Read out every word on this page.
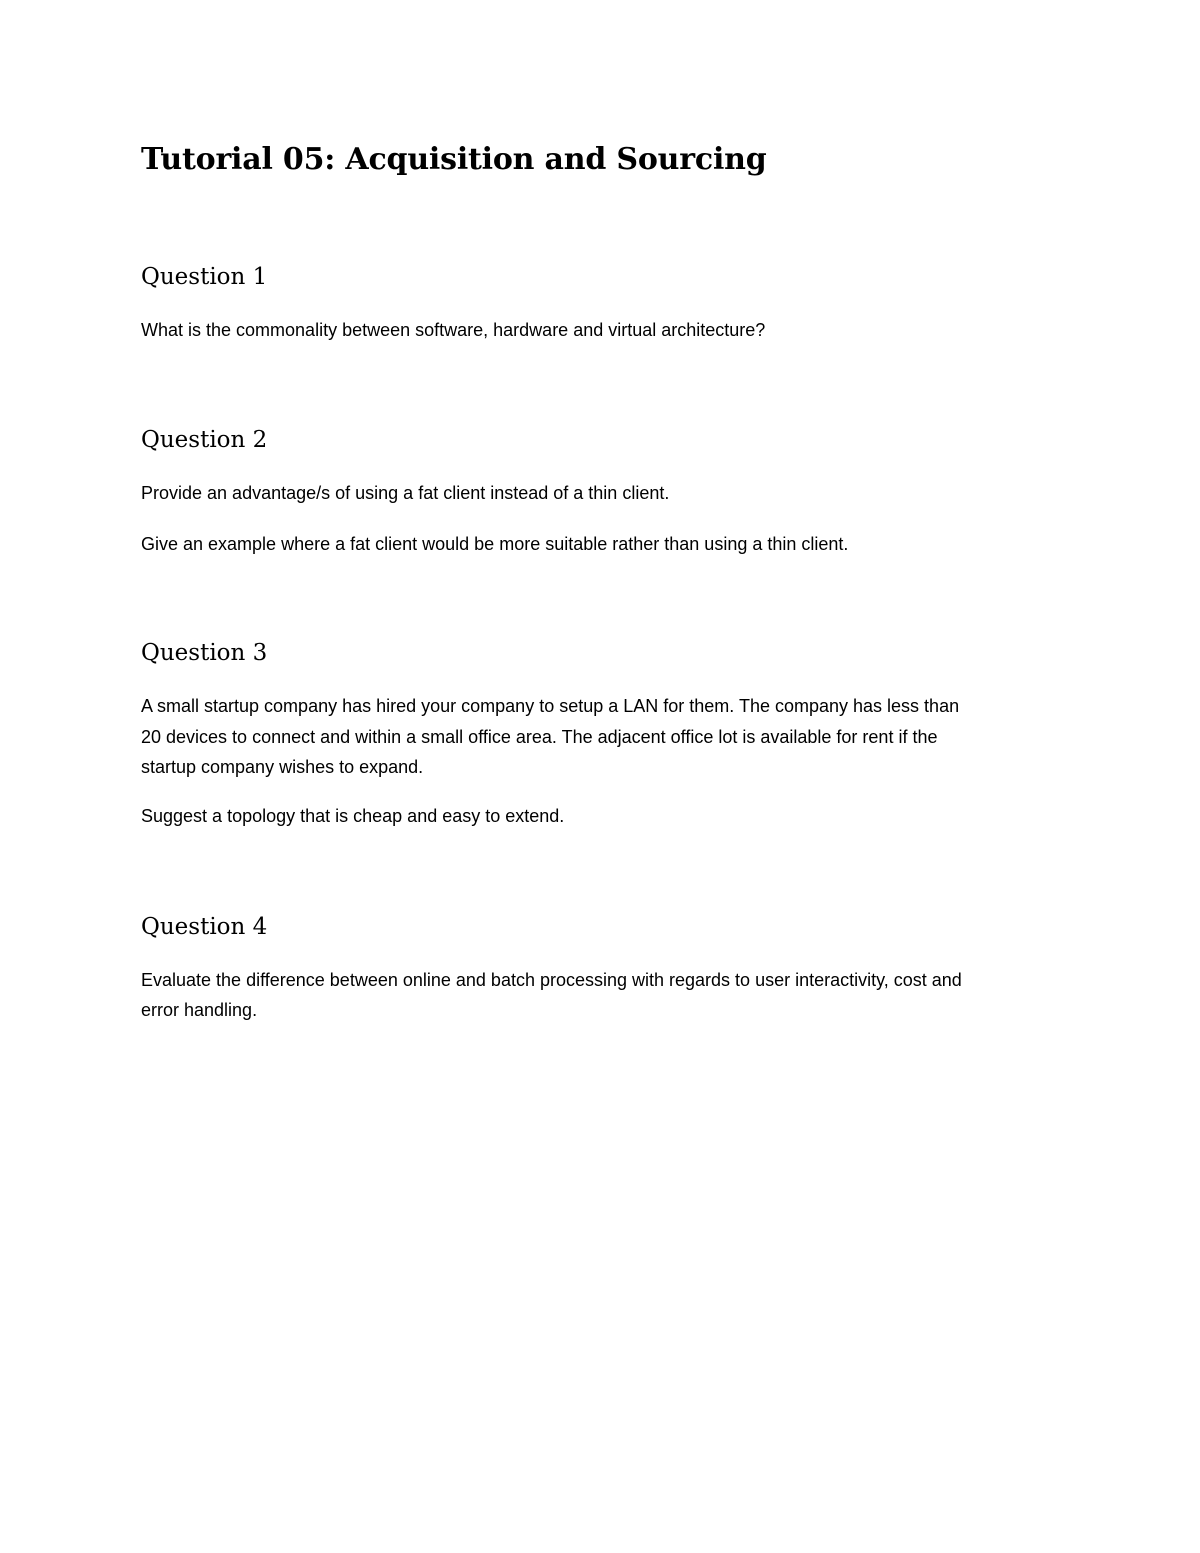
Tutorial 05: Acquisition and Sourcing
Question 1

What is the commonality between software, hardware and virtual architecture?

Question 2

Provide an advantage/s of using a fat client instead of a thin client.

Give an example where a fat client would be more suitable rather than using a thin client.

Question 3

A small startup company has hired your company to setup a LAN for them. The company has less than

20 devices to connect and within a small office area. The adjacent office lot is available for rent if the

startup company wishes to expand.

Suggest a topology that is cheap and easy to extend.

Question 4

Evaluate the difference between online and batch processing with regards to user interactivity, cost and

error handling.
